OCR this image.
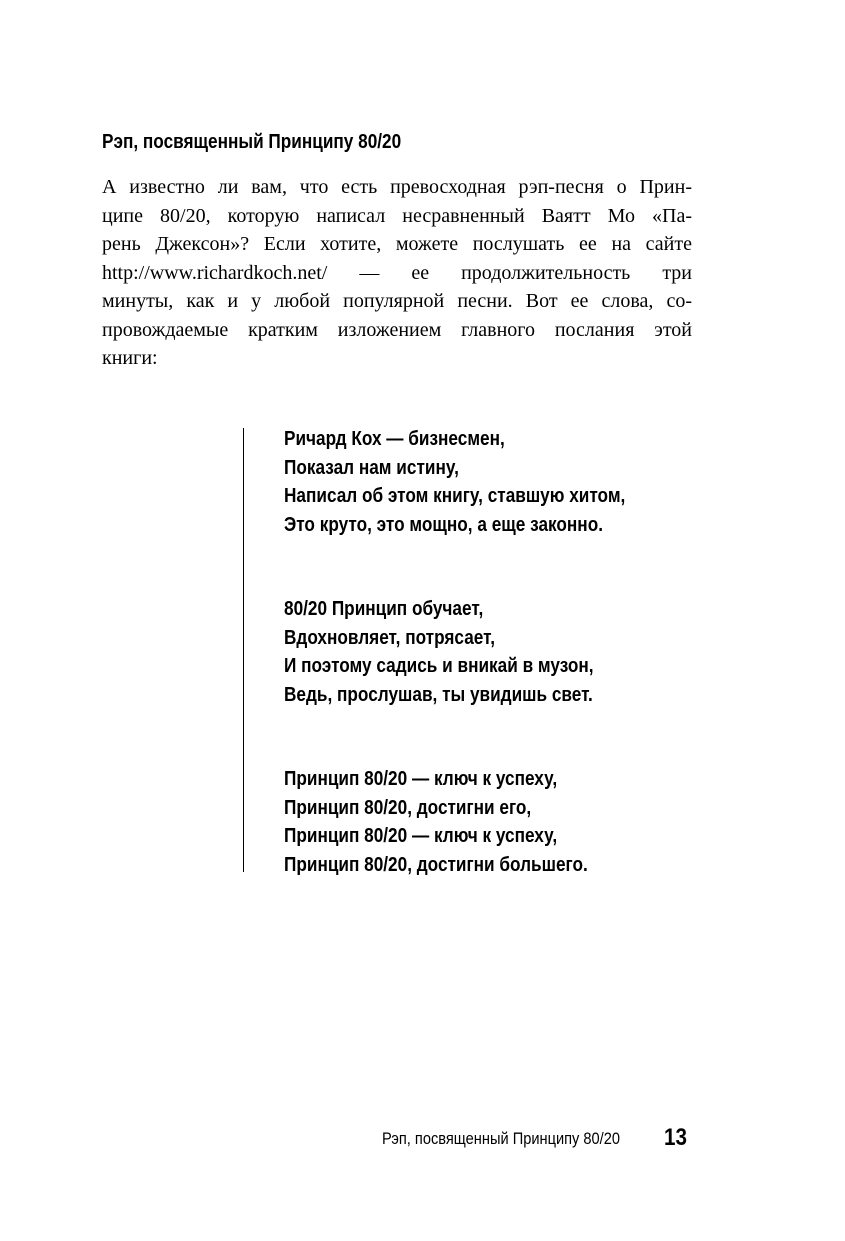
Рэп, посвященный Принципу 80/20
А известно ли вам, что есть превосходная рэп-песня о Прин-
ципе 80/20, которую написал несравненный Ваятт Мо «Па-
рень Джексон»? Если хотите, можете послушать ее на сайте
http://www.richardkoch.net/ — ее продолжительность три
минуты, как и у любой популярной песни. Вот ее слова, со-
провождаемые кратким изложением главного послания этой
книги:
Ричард Кох — бизнесмен,
Показал нам истину,
Написал об этом книгу, ставшую хитом,
Это круто, это мощно, а еще законно.
80/20 Принцип обучает,
Вдохновляет, потрясает,
И поэтому садись и вникай в музон,
Ведь, прослушав, ты увидишь свет.
Принцип 80/20 — ключ к успеху,
Принцип 80/20, достигни его,
Принцип 80/20 — ключ к успеху,
Принцип 80/20, достигни большего.
Рэп, посвященный Принципу 80/20 13
